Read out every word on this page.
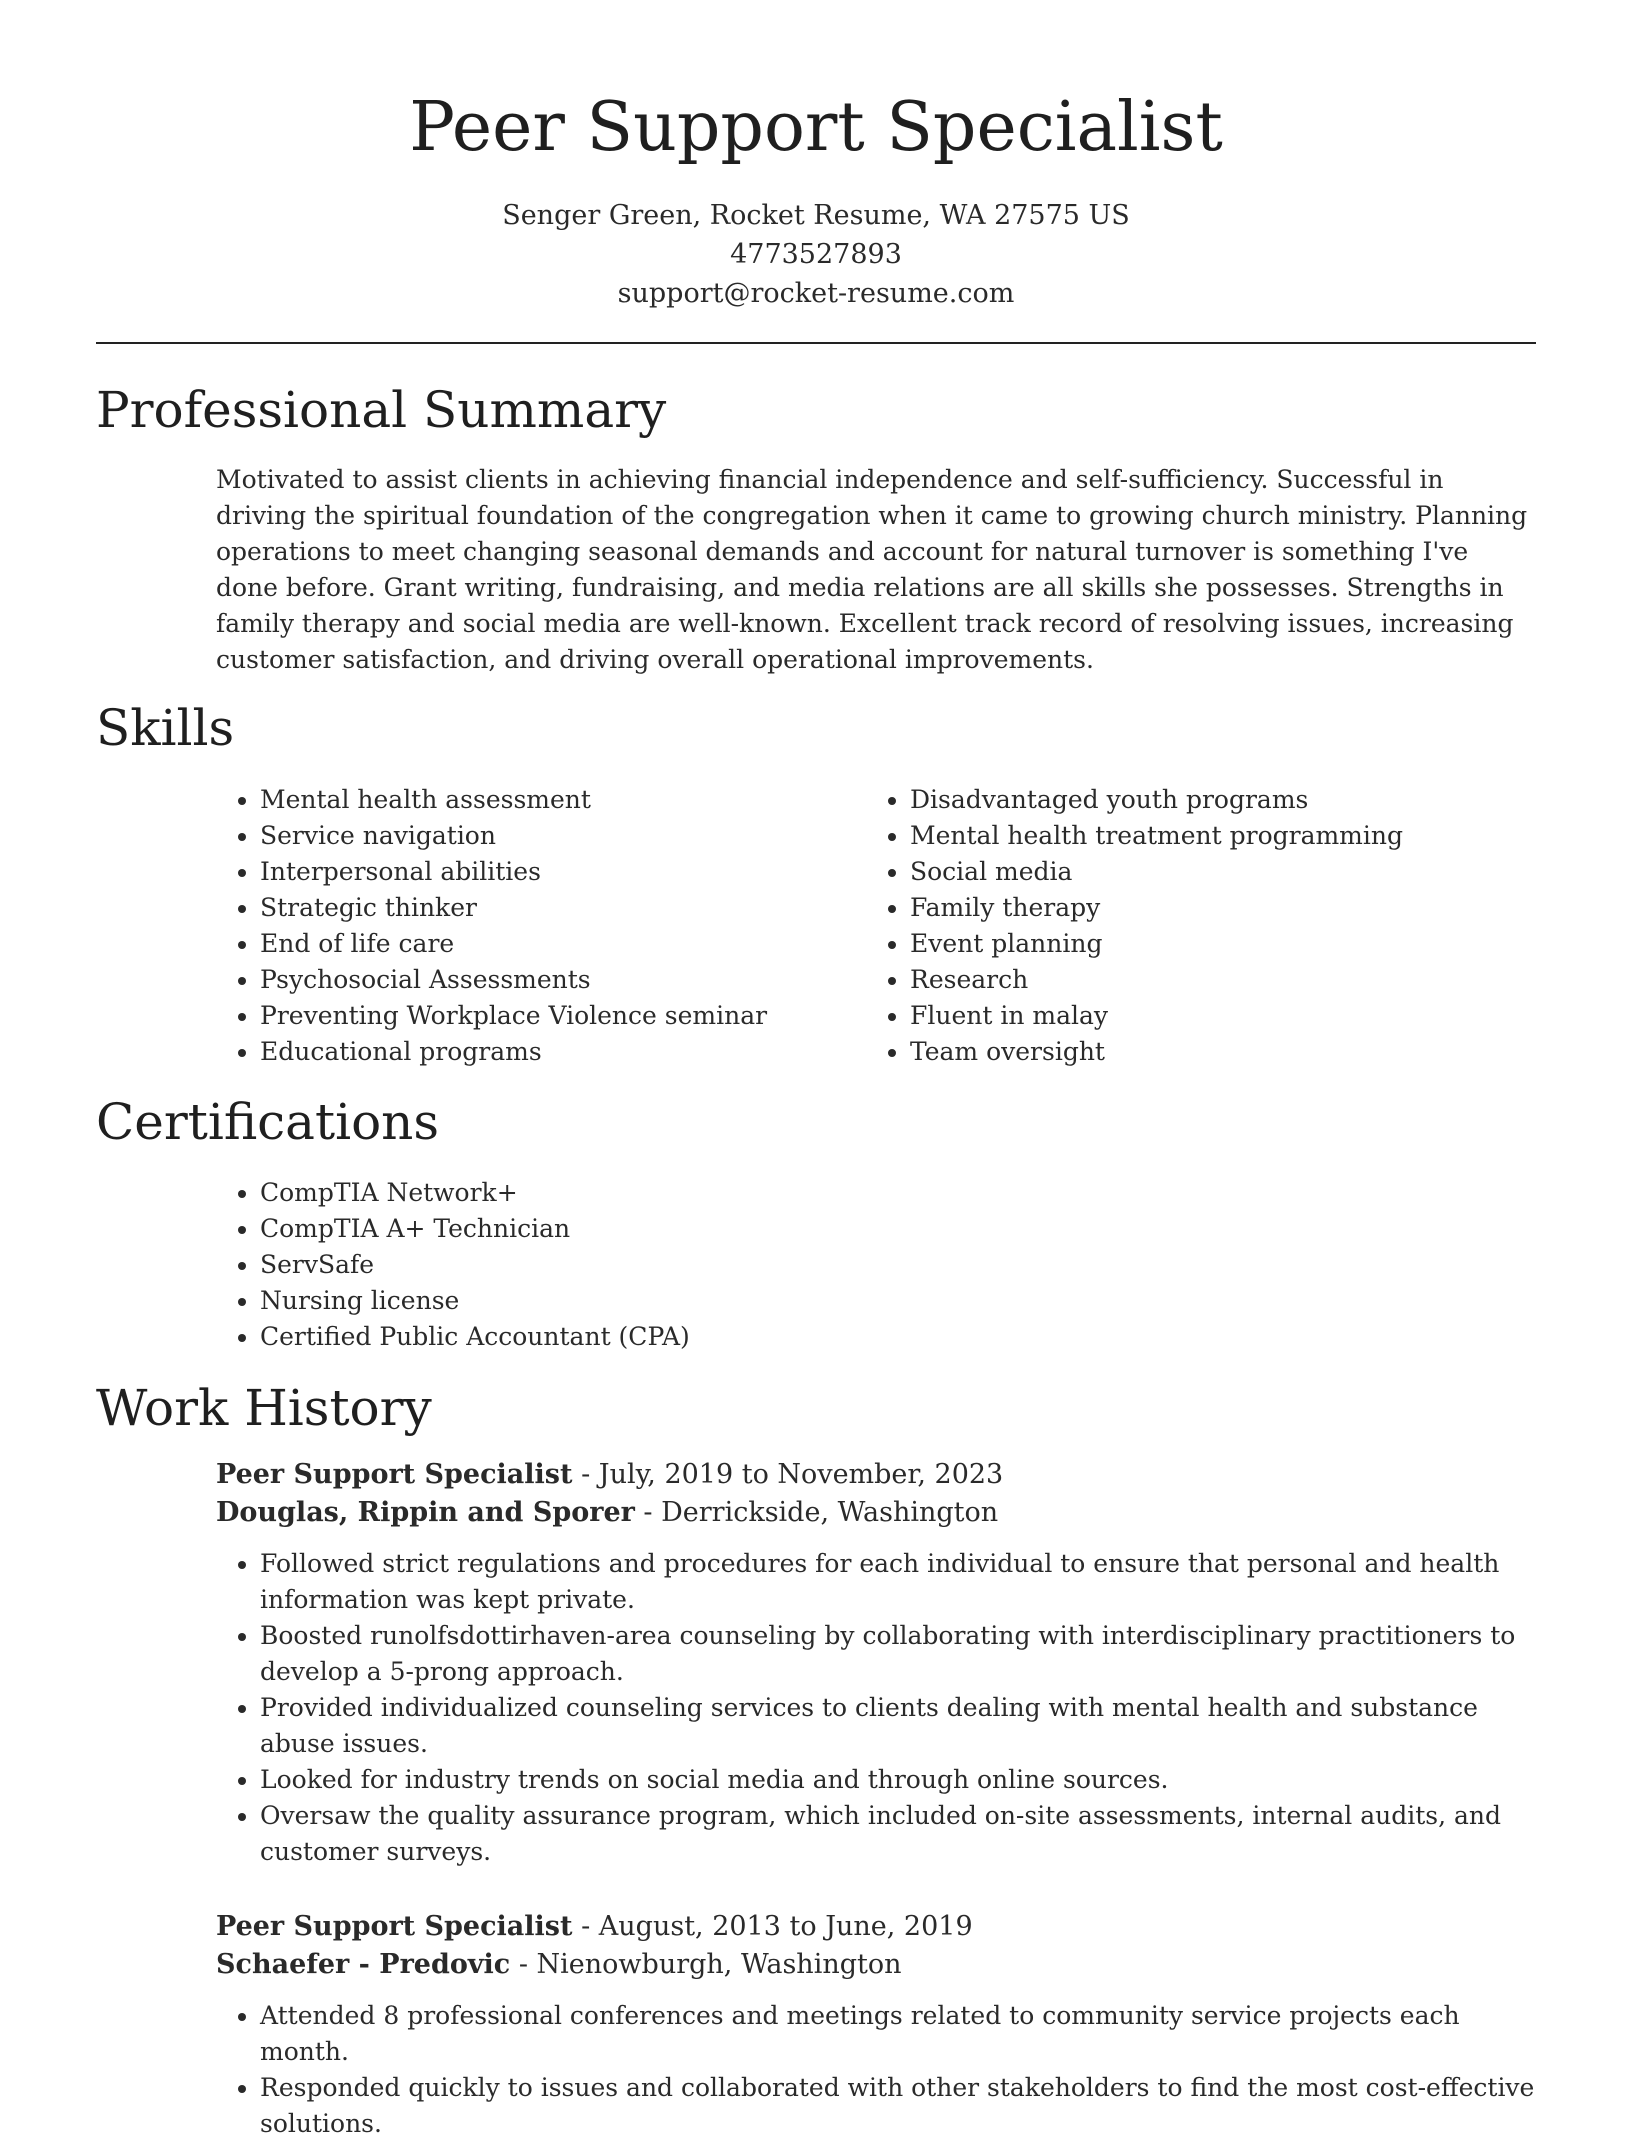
Peer Support Specialist
Senger Green, Rocket Resume, WA 27575 US
4773527893
support@rocket-resume.com
Professional Summary

Motivated to assist clients in achieving financial independence and self-sufficiency. Successful in driving the spiritual foundation of the congregation when it came to growing church ministry. Planning operations to meet changing seasonal demands and account for natural turnover is something I've done before. Grant writing, fundraising, and media relations are all skills she possesses. Strengths in family therapy and social media are well-known. Excellent track record of resolving issues, increasing customer satisfaction, and driving overall operational improvements.

Skills
• Mental health assessment
• Service navigation
• Interpersonal abilities
• Strategic thinker
• End of life care
• Psychosocial Assessments
• Preventing Workplace Violence seminar
• Educational programs
• Disadvantaged youth programs
• Mental health treatment programming
• Social media
• Family therapy
• Event planning
• Research
• Fluent in malay
• Team oversight
Certifications
• CompTIA Network+
• CompTIA A+ Technician
• ServSafe
• Nursing license
• Certified Public Accountant (CPA)
Work History
Peer Support Specialist - July, 2019 to November, 2023
Douglas, Rippin and Sporer - Derrickside, Washington
• Followed strict regulations and procedures for each individual to ensure that personal and health information was kept private.
• Boosted runolfsdottirhaven-area counseling by collaborating with interdisciplinary practitioners to develop a 5-prong approach.
• Provided individualized counseling services to clients dealing with mental health and substance abuse issues.
• Looked for industry trends on social media and through online sources.
• Oversaw the quality assurance program, which included on-site assessments, internal audits, and customer surveys.
Peer Support Specialist - August, 2013 to June, 2019
Schaefer - Predovic - Nienowburgh, Washington
• Attended 8 professional conferences and meetings related to community service projects each month.
• Responded quickly to issues and collaborated with other stakeholders to find the most cost-effective solutions.
